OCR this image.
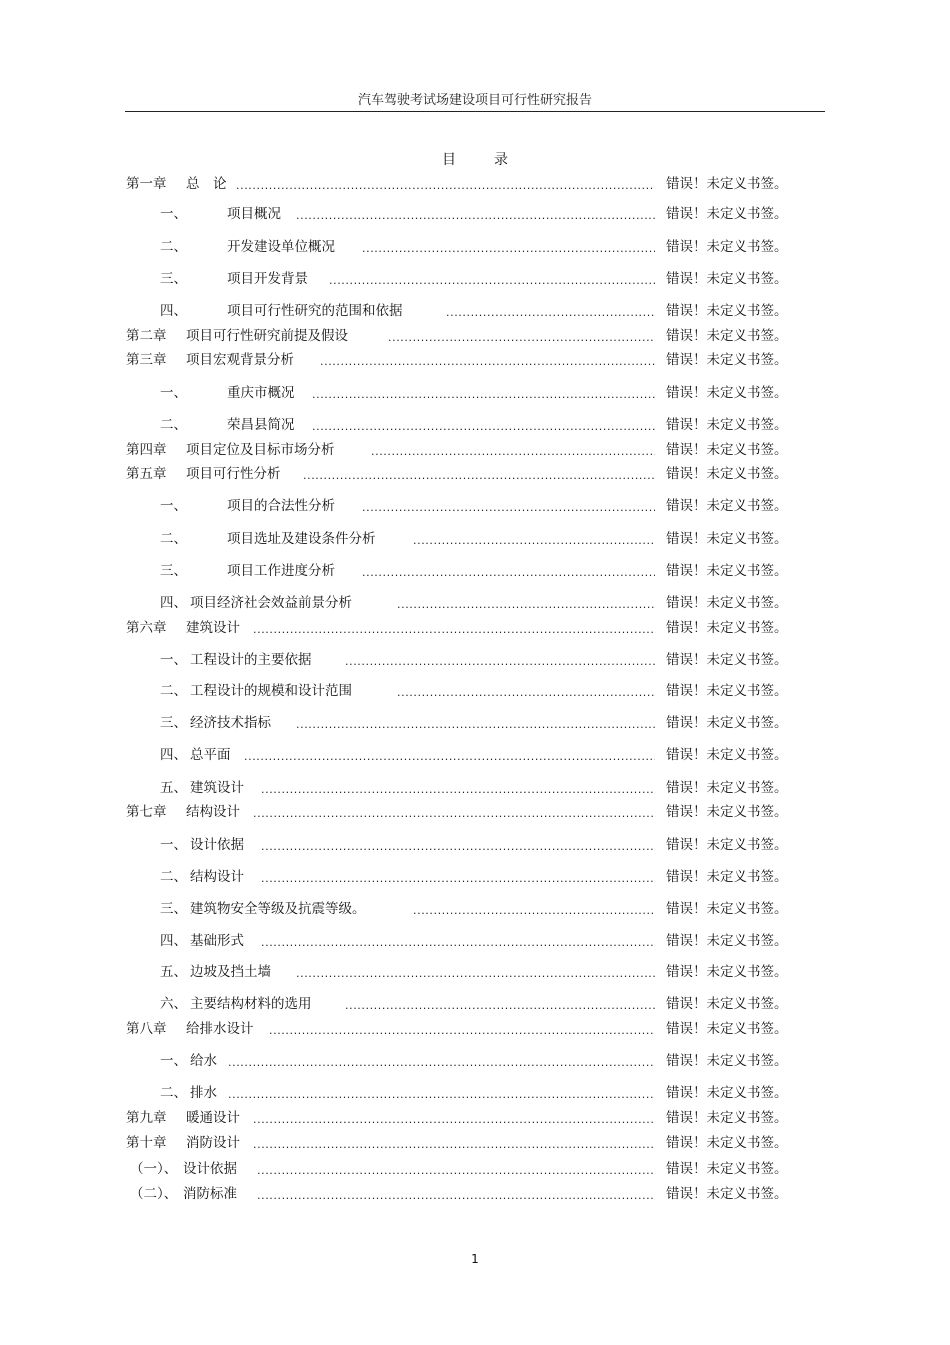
汽车驾驶考试场建设项目可行性研究报告
目录
第一章 总　论 .....	错误！未定义书签。
一、	项目概况 .....	错误！未定义书签。
二、	开发建设单位概况 .....	错误！未定义书签。
三、	项目开发背景 .....	错误！未定义书签。
四、	项目可行性研究的范围和依据 .....	错误！未定义书签。
第二章 项目可行性研究前提及假设 .....	错误！未定义书签。
第三章 项目宏观背景分析 .....	错误！未定义书签。
一、	重庆市概况 .....	错误！未定义书签。
二、	荣昌县简况 .....	错误！未定义书签。
第四章 项目定位及目标市场分析 .....	错误！未定义书签。
第五章 项目可行性分析 .....	错误！未定义书签。
一、	项目的合法性分析 .....	错误！未定义书签。
二、	项目选址及建设条件分析 .....	错误！未定义书签。
三、	项目工作进度分析 .....	错误！未定义书签。
四、 项目经济社会效益前景分析 .....	错误！未定义书签。
第六章 建筑设计 .....	错误！未定义书签。
一、 工程设计的主要依据 .....	错误！未定义书签。
二、 工程设计的规模和设计范围 .....	错误！未定义书签。
三、 经济技术指标 .....	错误！未定义书签。
四、 总平面 .....	错误！未定义书签。
五、 建筑设计 .....	错误！未定义书签。
第七章 结构设计 .....	错误！未定义书签。
一、 设计依据 .....	错误！未定义书签。
二、 结构设计 .....	错误！未定义书签。
三、 建筑物安全等级及抗震等级。 .....	错误！未定义书签。
四、 基础形式 .....	错误！未定义书签。
五、 边坡及挡土墙 .....	错误！未定义书签。
六、 主要结构材料的选用 .....	错误！未定义书签。
第八章 给排水设计 .....	错误！未定义书签。
一、 给水 .....	错误！未定义书签。
二、 排水 .....	错误！未定义书签。
第九章 暖通设计 .....	错误！未定义书签。
第十章 消防设计 .....	错误！未定义书签。
（一）、 设计依据 .....	错误！未定义书签。
（二）、 消防标准 .....	错误！未定义书签。
1
